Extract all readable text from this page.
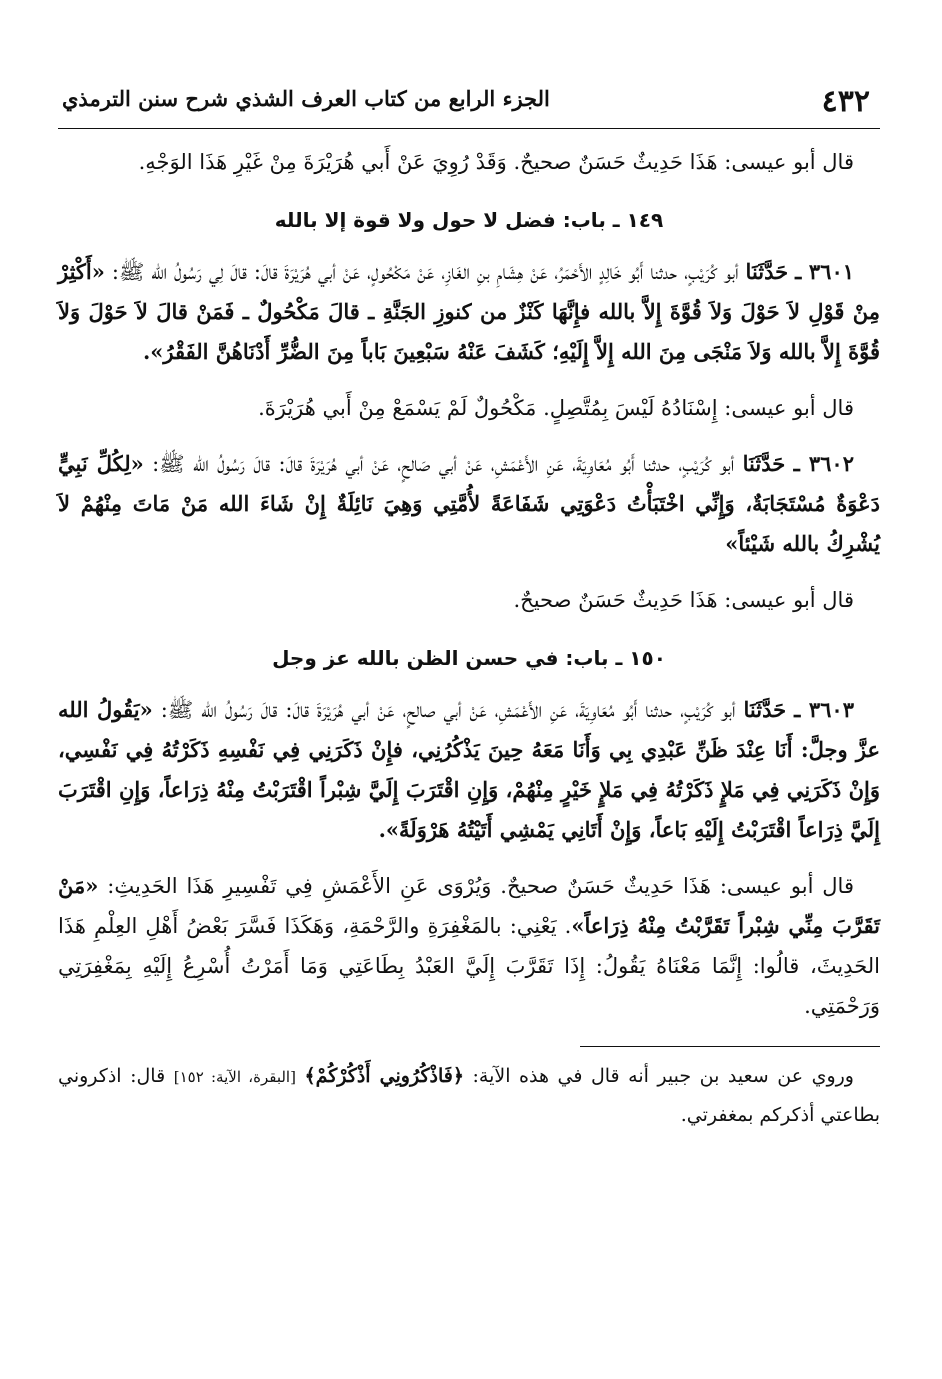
٤٣٢
الجزء الرابع من كتاب العرف الشذي شرح سنن الترمذي

قال أبو عيسى: هَذَا حَدِيثٌ حَسَنٌ صحيحٌ. وَقَدْ رُوِيَ عَنْ أَبي هُرَيْرَةَ مِنْ غَيْرِ هَذَا الوَجْهِ.

١٤٩ ـ باب: فضل لا حول ولا قوة إلا بالله

٣٦٠١ ـ حَدَّثَنَا أبو كُرَيْبٍ، حدثنا أَبُو خَالِدٍ الأَحْمَرُ، عَنْ هِشَامِ بنِ الغَازِ، عَنْ مَكْحُولٍ، عَنْ أبي هُرَيْرَةَ قالَ: قالَ لِي رَسُولُ الله ﷺ: «أَكْثِرْ مِنْ قَوْلِ لاَ حَوْلَ وَلاَ قُوَّةَ إِلاَّ بالله فإِنَّهَا كَنْزٌ من كنوزِ الجَنَّةِ ـ قالَ مَكْحُولٌ ـ فَمَنْ قالَ لاَ حَوْلَ وَلاَ قُوَّةَ إِلاَّ بالله وَلاَ مَنْجَى مِنَ الله إِلاَّ إِلَيْهِ؛ كَشَفَ عَنْهُ سَبْعِينَ بَاباً مِنَ الضُّرِّ أَدْنَاهُنَّ الفَقْرُ».

قال أبو عيسى: إِسْنَادُهُ لَيْسَ بِمُتَّصِلٍ. مَكْحُولٌ لَمْ يَسْمَعْ مِنْ أَبي هُرَيْرَةَ.

٣٦٠٢ ـ حَدَّثَنَا أبو كُرَيْبٍ، حدثنا أَبُو مُعَاوِيَةَ، عَنِ الأَعْمَشِ، عَنْ أبي صَالحٍ، عَنْ أبي هُرَيْرَةَ قالَ: قالَ رَسُولُ الله ﷺ: «لِكُلِّ نَبِيٍّ دَعْوَةٌ مُسْتَجَابَةٌ، وَإِنِّي اخْتَبَأْتُ دَعْوَتِي شَفَاعَةً لأُمَّتِي وَهِيَ نَائِلَةٌ إِنْ شَاءَ الله مَنْ مَاتَ مِنْهُمْ لاَ يُشْرِكُ بالله شَيْئاً»

قال أبو عيسى: هَذَا حَدِيثٌ حَسَنٌ صحيحٌ.

١٥٠ ـ باب: في حسن الظن بالله عز وجل

٣٦٠٣ ـ حَدَّثَنَا أبو كُرَيْبٍ، حدثنا أَبُو مُعَاوِيَةَ، عَنِ الأَعْمَشِ، عَنْ أبي صالحٍ، عَنْ أبي هُرَيْرَةَ قالَ: قالَ رَسُولُ الله ﷺ: «يَقُولُ الله عزَّ وجلَّ: أَنَا عِنْدَ ظَنِّ عَبْدِي بِي وَأَنَا مَعَهُ حِينَ يَذْكُرُنِي، فإِنْ ذَكَرَنِي فِي نَفْسِهِ ذَكَرْتُهُ فِي نَفْسِي، وَإِنْ ذَكَرَنِي فِي مَلإٍ ذَكَرْتُهُ فِي مَلإٍ خَيْرٍ مِنْهُمْ، وَإِنِ اقْتَرَبَ إِلَيَّ شِبْراً اقْتَرَبْتُ مِنْهُ ذِرَاعاً، وَإِنِ اقْتَرَبَ إِلَيَّ ذِرَاعاً اقْتَرَبْتُ إِلَيْهِ بَاعاً، وَإِنْ أَتَانِي يَمْشِي أَتَيْتُهُ هَرْوَلَةً».

قال أبو عيسى: هَذَا حَدِيثٌ حَسَنٌ صحيحٌ. وَيُرْوَى عَنِ الأَعْمَشِ فِي تَفْسِيرِ هَذَا الحَدِيثِ: «مَنْ تَقَرَّبَ مِنِّي شِبْراً تَقَرَّبْتُ مِنْهُ ذِرَاعاً». يَعْنِي: بالمَغْفِرَةِ والرَّحْمَةِ، وَهَكَذَا فَسَّرَ بَعْضُ أَهْلِ العِلْمِ هَذَا الحَدِيثَ، قالُوا: إِنَّمَا مَعْنَاهُ يَقُولُ: إِذَا تَقَرَّبَ إِلَيَّ العَبْدُ بِطَاعَتِي وَمَا أَمَرْتُ أُسْرِعُ إِلَيْهِ بِمَغْفِرَتِي وَرَحْمَتِي.

وروي عن سعيد بن جبير أنه قال في هذه الآية: ﴿فَاذْكُرُونِي أَذْكُرْكُمْ﴾ [البقرة، الآية: ١٥٢] قال: اذكروني بطاعتي أذكركم بمغفرتي.
